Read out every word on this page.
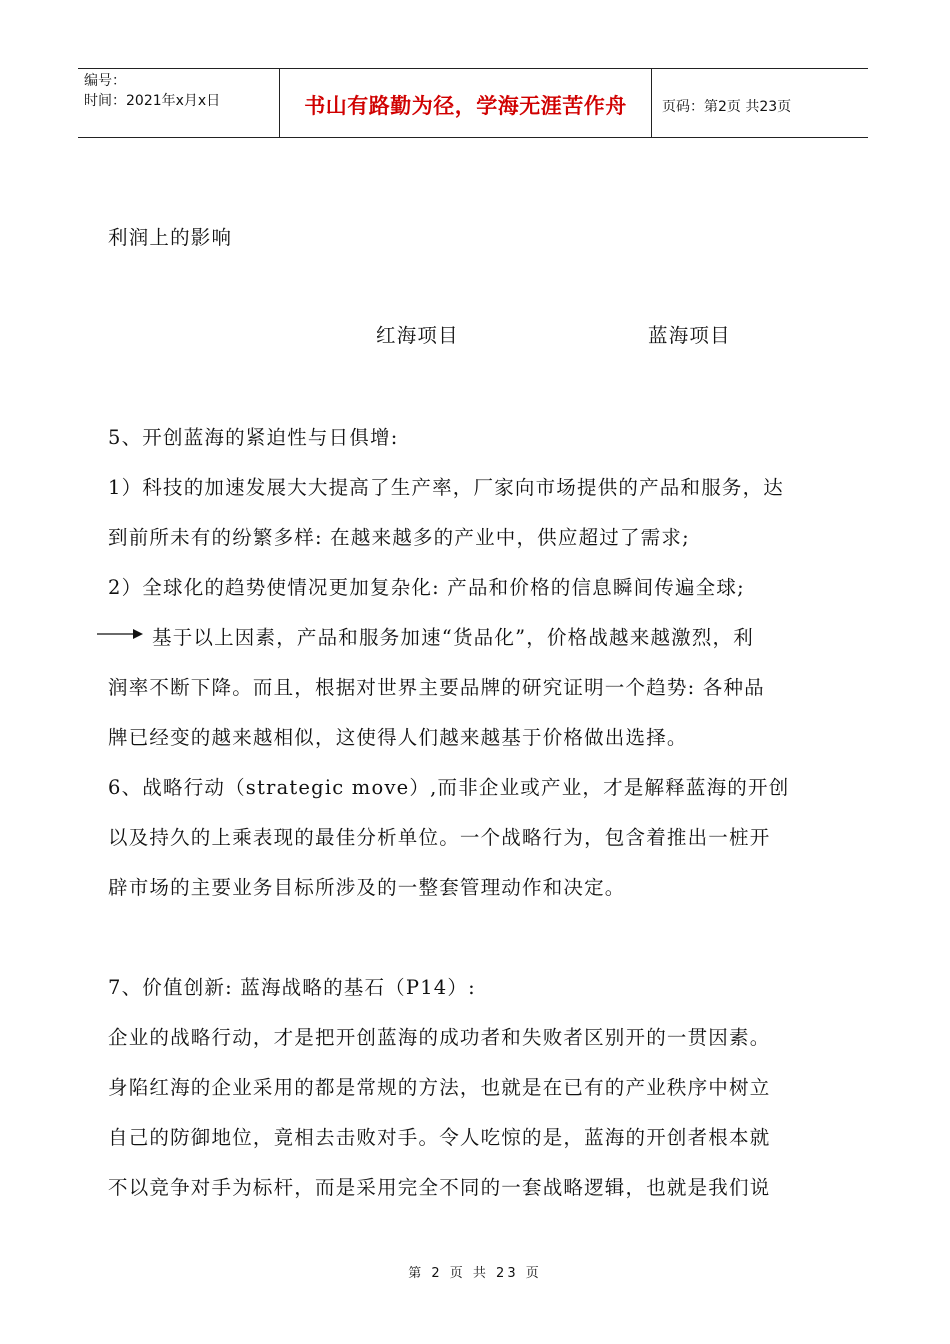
编号：
时间：2021年x月x日	书山有路勤为径，学海无涯苦作舟	页码：第2页 共23页
利润上的影响
红海项目	蓝海项目
5、开创蓝海的紧迫性与日俱增:
1）科技的加速发展大大提高了生产率，厂家向市场提供的产品和服务，达
到前所未有的纷繁多样: 在越来越多的产业中，供应超过了需求;
2）全球化的趋势使情况更加复杂化: 产品和价格的信息瞬间传遍全球;
基于以上因素，产品和服务加速“货品化”，价格战越来越激烈，利
润率不断下降。而且，根据对世界主要品牌的研究证明一个趋势: 各种品
牌已经变的越来越相似，这使得人们越来越基于价格做出选择。
6、战略行动（strategic move）,而非企业或产业，才是解释蓝海的开创
以及持久的上乘表现的最佳分析单位。一个战略行为，包含着推出一桩开
辟市场的主要业务目标所涉及的一整套管理动作和决定。
7、价值创新: 蓝海战略的基石（P14）:
企业的战略行动，才是把开创蓝海的成功者和失败者区别开的一贯因素。
身陷红海的企业采用的都是常规的方法，也就是在已有的产业秩序中树立
自己的防御地位，竟相去击败对手。令人吃惊的是，蓝海的开创者根本就
不以竞争对手为标杆，而是采用完全不同的一套战略逻辑，也就是我们说
第 2 页 共 23 页
